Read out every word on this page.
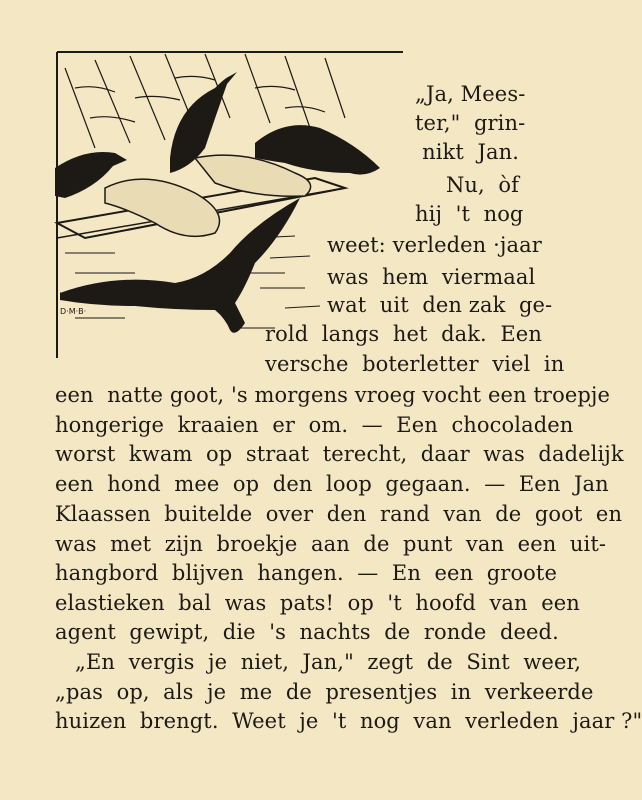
D·M·B·
„Ja, Mees-
ter,"  grin-
nikt  Jan.
Nu,  òf
hij  't  nog
weet: verleden ·jaar
was  hem  viermaal
wat  uit  den zak  ge-
rold  langs  het  dak.  Een
versche  boterletter  viel  in
een  natte goot, 's morgens vroeg vocht een troepje
hongerige  kraaien  er  om.  —  Een  chocoladen
worst  kwam  op  straat  terecht,  daar  was  dadelijk
een  hond  mee  op  den  loop  gegaan.  —  Een  Jan
Klaassen  buitelde  over  den  rand  van  de  goot  en
was  met  zijn  broekje  aan  de  punt  van  een  uit-
hangbord  blijven  hangen.  —  En  een  groote
elastieken  bal  was  pats!  op  't  hoofd  van  een
agent  gewipt,  die  's  nachts  de  ronde  deed.
„En  vergis  je  niet,  Jan,"  zegt  de  Sint  weer,
„pas  op,  als  je  me  de  presentjes  in  verkeerde
huizen  brengt.  Weet  je  't  nog  van  verleden  jaar ?"
